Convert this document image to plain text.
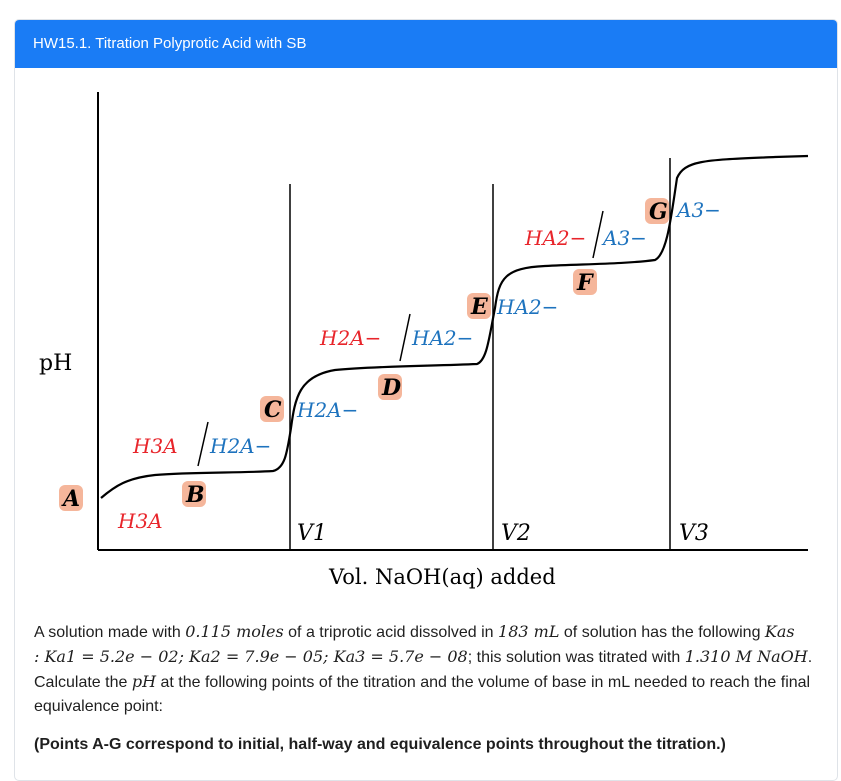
HW15.1. Titration Polyprotic Acid with SB
pH
Vol. NaOH(aq) added
V1	V2	V3
A	B
C
D
E
F
G
H3A
H3A H2A−
H2A−
H2A− HA2−
HA2−
HA2− A3−
A3−

A solution made with 0.115 moles of a triprotic acid dissolved in 183 mL of solution has the following Kas
: Ka1 = 5.2e − 02; Ka2 = 7.9e − 05; Ka3 = 5.7e − 08; this solution was titrated with 1.310 M NaOH. Calculate the pH at the following points of the titration and the volume of base in mL needed to reach the final equivalence point:

(Points A-G correspond to initial, half-way and equivalence points throughout the titration.)
